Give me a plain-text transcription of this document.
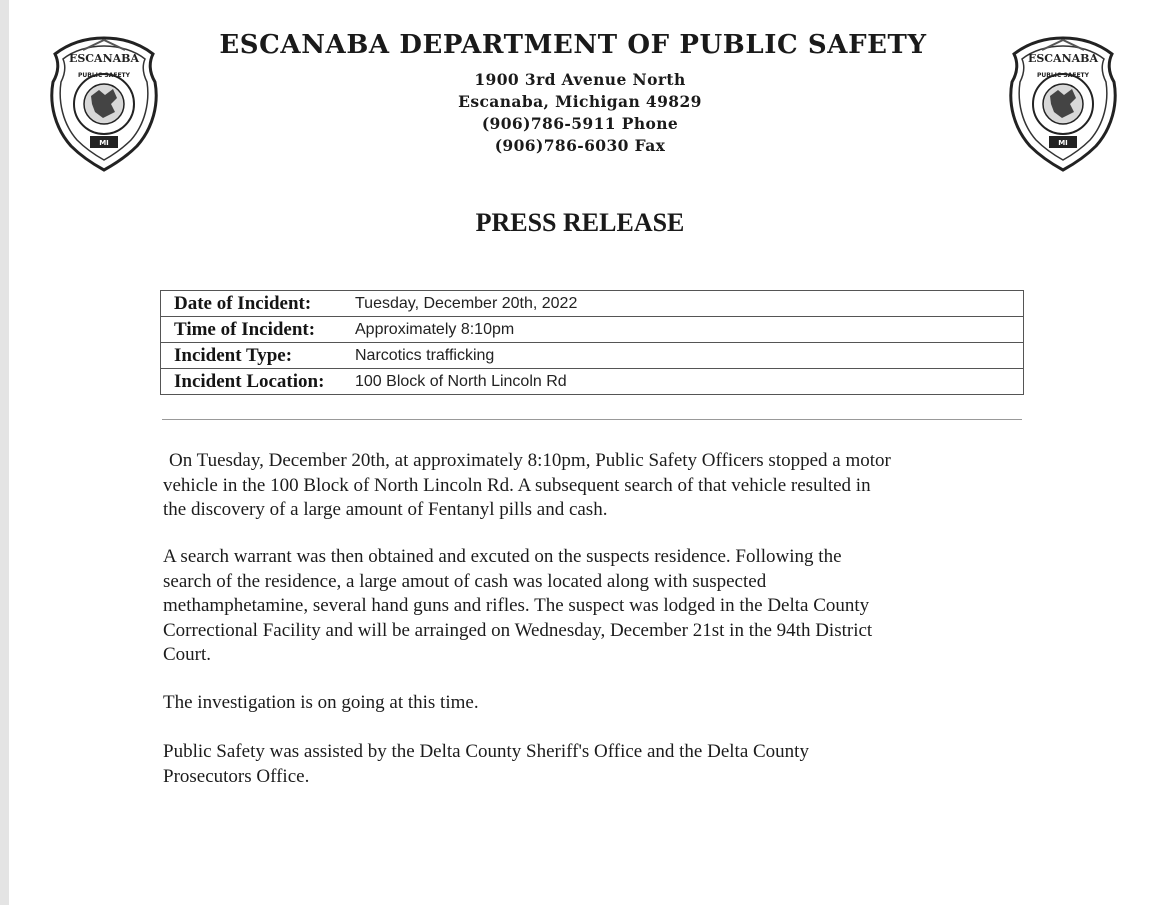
ESCANABA
PUBLIC SAFETY
MI
ESCANABA
PUBLIC SAFETY
MI
ESCANABA DEPARTMENT OF PUBLIC SAFETY
1900 3rd Avenue North
Escanaba, Michigan 49829
(906)786-5911 Phone
(906)786-6030 Fax
PRESS RELEASE
Date of Incident:	Tuesday, December 20th, 2022
Time of Incident:	Approximately 8:10pm
Incident Type:	Narcotics trafficking
Incident Location:	100 Block of North Lincoln Rd
On Tuesday, December 20th, at approximately 8:10pm, Public Safety Officers stopped a motor
vehicle in the 100 Block of North Lincoln Rd. A subsequent search of that vehicle resulted in
the discovery of a large amount of Fentanyl pills and cash.
A search warrant was then obtained and excuted on the suspects residence. Following the
search of the residence, a large amout of cash was located along with suspected
methamphetamine, several hand guns and rifles. The suspect was lodged in the Delta County
Correctional Facility and will be arrainged on Wednesday, December 21st in the 94th District
Court.
The investigation is on going at this time.
Public Safety was assisted by the Delta County Sheriff's Office and the Delta County
Prosecutors Office.
